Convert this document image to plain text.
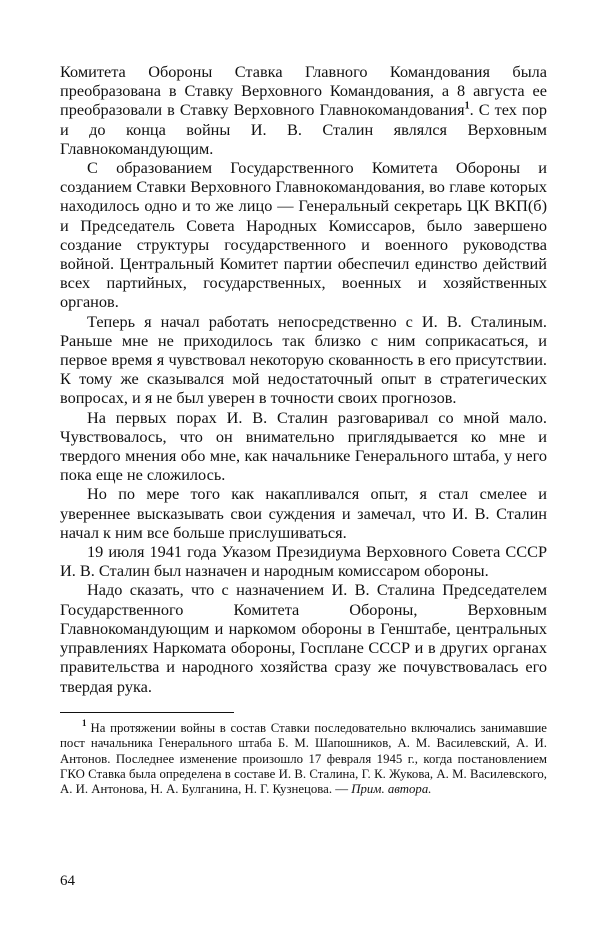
Комитета Обороны Ставка Главного Командования была преобразована в Ставку Верховного Командования, а 8 августа ее преобразовали в Ставку Верховного Главнокомандования$^1$. С тех пор и до конца войны И. В. Сталин являлся Верховным Главнокомандующим.

С образованием Государственного Комитета Обороны и созданием Ставки Верховного Главнокомандования, во главе которых находилось одно и то же лицо — Генеральный секретарь ЦК ВКП(б) и Председатель Совета Народных Комиссаров, было завершено создание структуры государственного и военного руководства войной. Центральный Комитет партии обеспечил единство действий всех партийных, государственных, военных и хозяйственных органов.

Теперь я начал работать непосредственно с И. В. Сталиным. Раньше мне не приходилось так близко с ним соприкасаться, и первое время я чувствовал некоторую скованность в его присутствии. К тому же сказывался мой недостаточный опыт в стратегических вопросах, и я не был уверен в точности своих прогнозов.

На первых порах И. В. Сталин разговаривал со мной мало. Чувствовалось, что он внимательно приглядывается ко мне и твердого мнения обо мне, как начальнике Генерального штаба, у него пока еще не сложилось.

Но по мере того как накапливался опыт, я стал смелее и увереннее высказывать свои суждения и замечал, что И. В. Сталин начал к ним все больше прислушиваться.

19 июля 1941 года Указом Президиума Верховного Совета СССР И. В. Сталин был назначен и народным комиссаром обороны.

Надо сказать, что с назначением И. В. Сталина Председателем Государственного Комитета Обороны, Верховным Главнокомандующим и наркомом обороны в Генштабе, центральных управлениях Наркомата обороны, Госплане СССР и в других органах правительства и народного хозяйства сразу же почувствовалась его твердая рука.

$^1$ На протяжении войны в состав Ставки последовательно включались занимавшие пост начальника Генерального штаба Б. М. Шапошников, А. М. Василевский, А. И. Антонов. Последнее изменение произошло 17 февраля 1945 г., когда постановлением ГКО Ставка была определена в составе И. В. Сталина, Г. К. Жукова, А. М. Василевского, А. И. Антонова, Н. А. Булганина, Н. Г. Кузнецова. — Прим. автора.

64
